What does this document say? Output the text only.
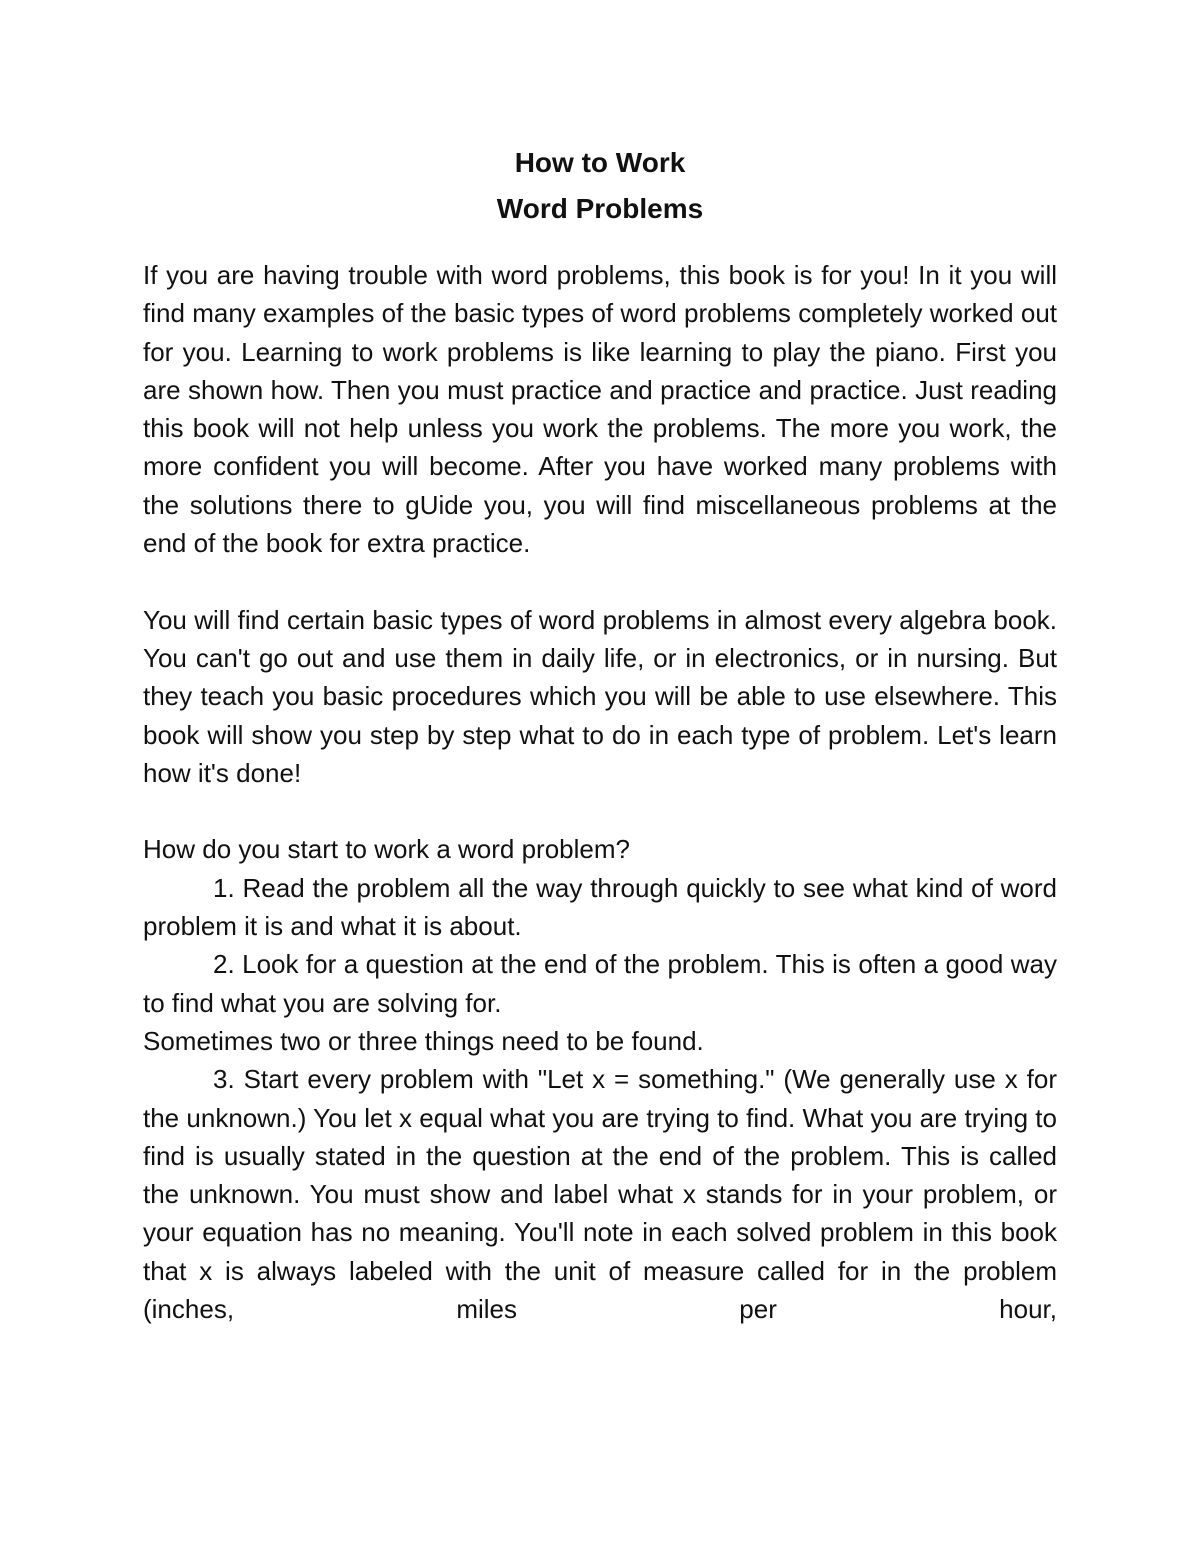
How to Work
Word Problems

If you are having trouble with word problems, this book is for you! In it you will find many examples of the basic types of word problems completely worked out for you. Learning to work problems is like learning to play the piano. First you are shown how. Then you must practice and practice and practice. Just reading this book will not help unless you work the problems. The more you work, the more confident you will become. After you have worked many problems with the solutions there to gUide you, you will find miscellaneous problems at the end of the book for extra practice.

You will find certain basic types of word problems in almost every algebra book. You can't go out and use them in daily life, or in electronics, or in nursing. But they teach you basic procedures which you will be able to use elsewhere. This book will show you step by step what to do in each type of problem. Let's learn how it's done!

How do you start to work a word problem?

1. Read the problem all the way through quickly to see what kind of word problem it is and what it is about.

2. Look for a question at the end of the problem. This is often a good way to find what you are solving for.

Sometimes two or three things need to be found.

3. Start every problem with "Let x = something." (We generally use x for the unknown.) You let x equal what you are trying to find. What you are trying to find is usually stated in the question at the end of the problem. This is called the unknown. You must show and label what x stands for in your problem, or your equation has no meaning. You'll note in each solved problem in this book that x is always labeled with the unit of measure called for in the problem (inches, miles per hour,
